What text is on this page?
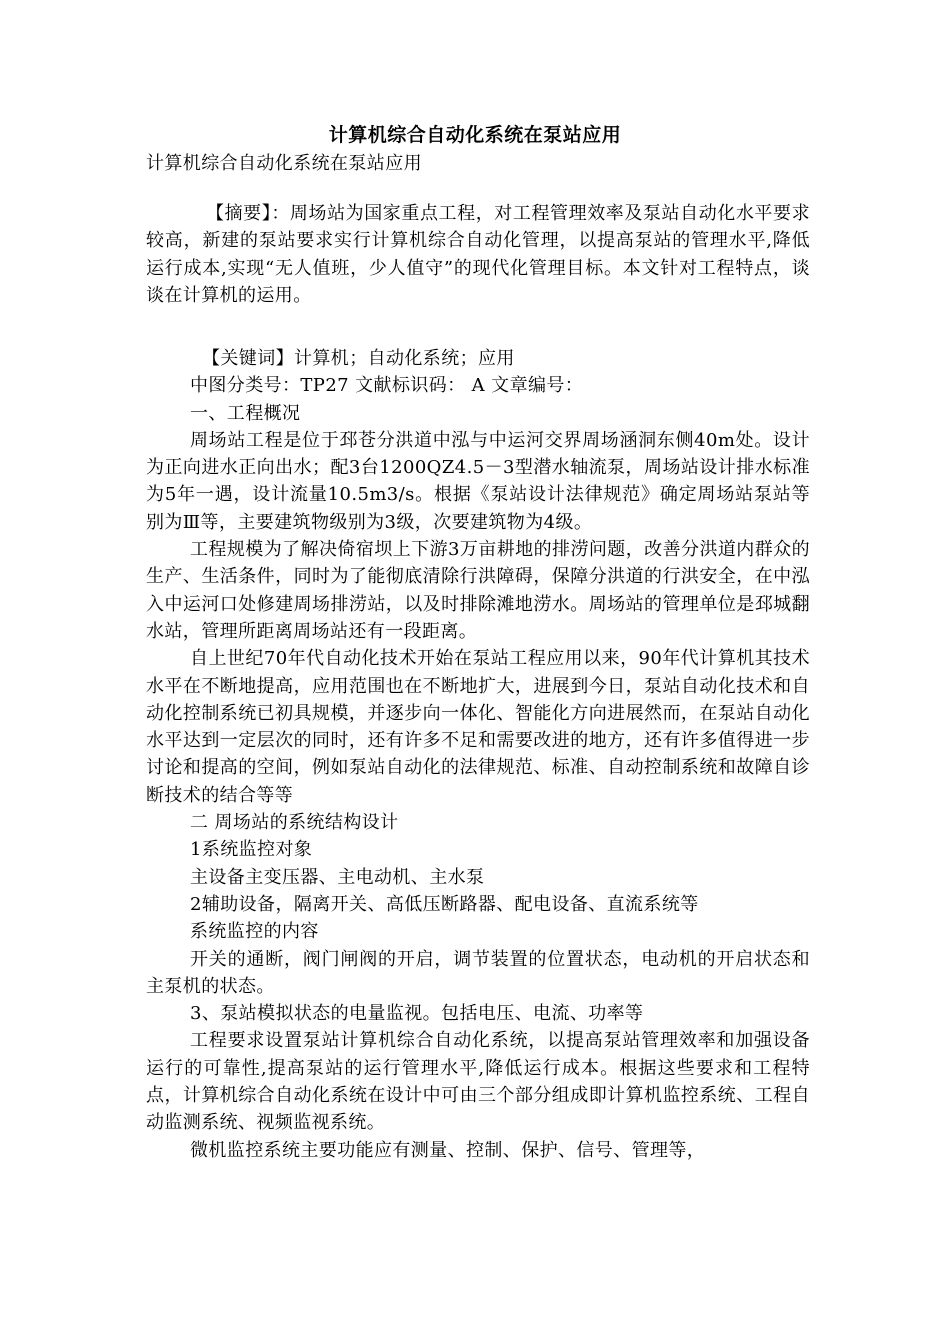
计算机综合自动化系统在泵站应用
计算机综合自动化系统在泵站应用
【摘要】：周场站为国家重点工程，对工程管理效率及泵站自动化水平要求较高，新建的泵站要求实行计算机综合自动化管理，以提高泵站的管理水平,降低运行成本,实现“无人值班，少人值守”的现代化管理目标。本文针对工程特点，谈谈在计算机的运用。

【关键词】计算机；自动化系统；应用

中图分类号：TP27 文献标识码： A 文章编号：

一、工程概况

周场站工程是位于邳苍分洪道中泓与中运河交界周场涵洞东侧40m处。设计为正向进水正向出水；配3台1200QZ4.5－3型潜水轴流泵，周场站设计排水标准为5年一遇，设计流量10.5m3/s。根据《泵站设计法律规范》确定周场站泵站等别为Ⅲ等，主要建筑物级别为3级，次要建筑物为4级。

工程规模为了解决倚宿坝上下游3万亩耕地的排涝问题，改善分洪道内群众的生产、生活条件，同时为了能彻底清除行洪障碍，保障分洪道的行洪安全，在中泓入中运河口处修建周场排涝站，以及时排除滩地涝水。周场站的管理单位是邳城翻水站，管理所距离周场站还有一段距离。

自上世纪70年代自动化技术开始在泵站工程应用以来，90年代计算机其技术水平在不断地提高，应用范围也在不断地扩大，进展到今日，泵站自动化技术和自动化控制系统已初具规模，并逐步向一体化、智能化方向进展然而，在泵站自动化水平达到一定层次的同时，还有许多不足和需要改进的地方，还有许多值得进一步讨论和提高的空间，例如泵站自动化的法律规范、标准、自动控制系统和故障自诊断技术的结合等等

二 周场站的系统结构设计

1系统监控对象

主设备主变压器、主电动机、主水泵

2辅助设备，隔离开关、高低压断路器、配电设备、直流系统等

系统监控的内容

开关的通断，阀门闸阀的开启，调节装置的位置状态，电动机的开启状态和主泵机的状态。

3、泵站模拟状态的电量监视。包括电压、电流、功率等

工程要求设置泵站计算机综合自动化系统，以提高泵站管理效率和加强设备运行的可靠性,提高泵站的运行管理水平,降低运行成本。根据这些要求和工程特点，计算机综合自动化系统在设计中可由三个部分组成即计算机监控系统、工程自动监测系统、视频监视系统。

微机监控系统主要功能应有测量、控制、保护、信号、管理等，
